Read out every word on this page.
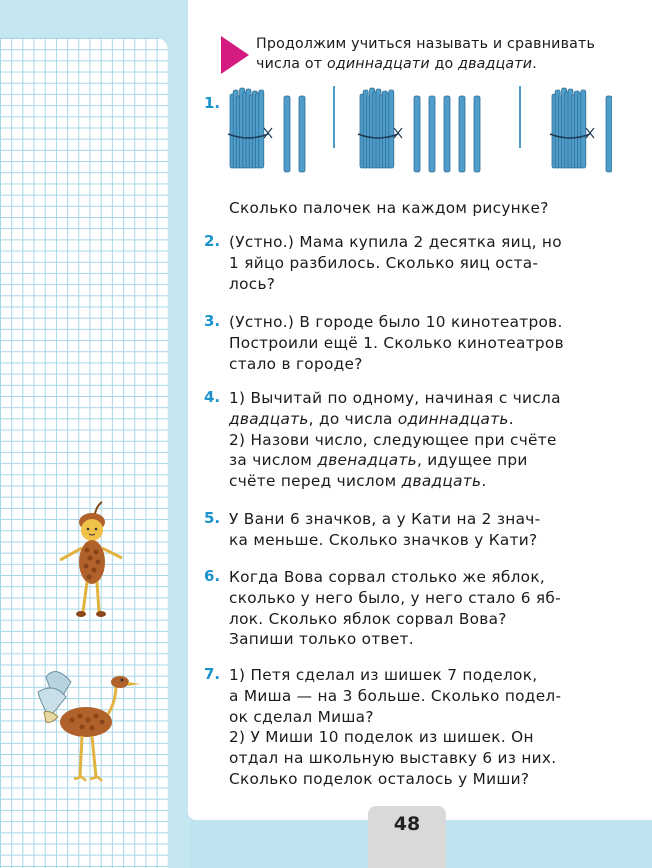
Продолжим учиться называть и сравнивать
числа от одиннадцати до двадцати.
1.
Сколько палочек на каждом рисунке?
2. (Устно.) Мама купила 2 десятка яиц, но

1 яйцо разбилось. Сколько яиц оста-

лось?

3. (Устно.) В городе было 10 кинотеатров.

Построили ещё 1. Сколько кинотеатров

стало в городе?

4. 1) Вычитай по одному, начиная с числа

двадцать, до числа одиннадцать.

2) Назови число, следующее при счёте

за числом двенадцать, идущее при

счёте перед числом двадцать.

5. У Вани 6 значков, а у Кати на 2 знач-

ка меньше. Сколько значков у Кати?

6. Когда Вова сорвал столько же яблок,

сколько у него было, у него стало 6 яб-

лок. Сколько яблок сорвал Вова?

Запиши только ответ.

7. 1) Петя сделал из шишек 7 поделок,

а Миша — на 3 больше. Сколько подел-

ок сделал Миша?

2) У Миши 10 поделок из шишек. Он

отдал на школьную выставку 6 из них.

Сколько поделок осталось у Миши?

48
